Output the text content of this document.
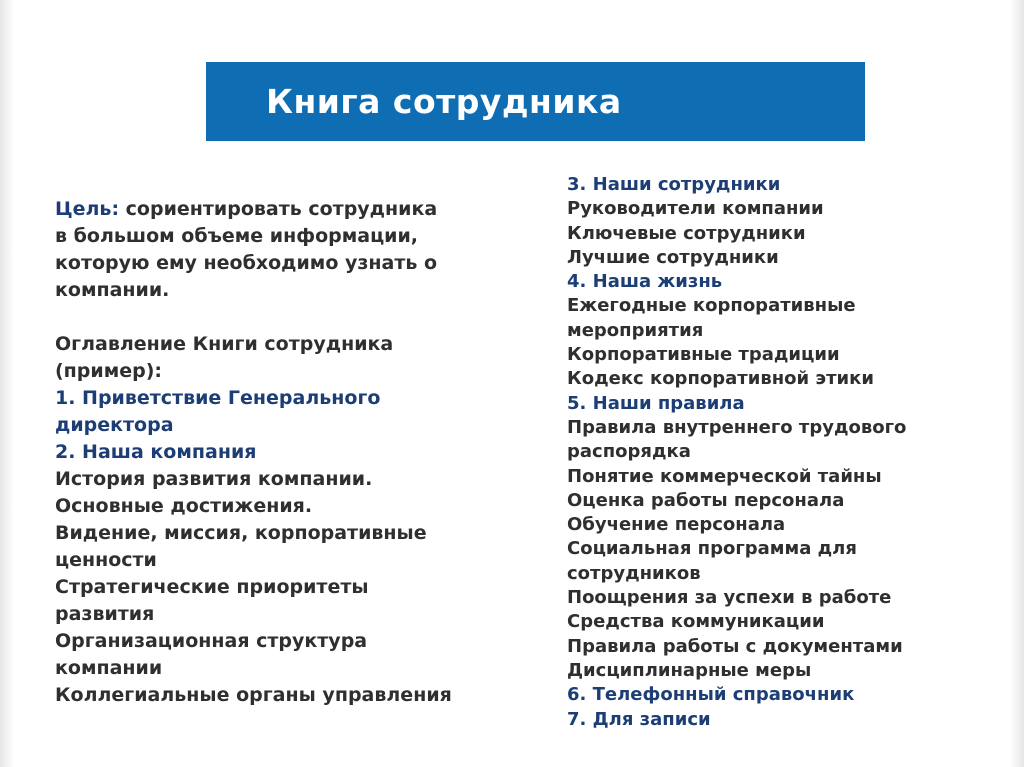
Книга сотрудника
Цель: сориентировать сотрудника
в большом объеме информации,
которую ему необходимо узнать о
компании.
Оглавление Книги сотрудника
(пример):
1. Приветствие Генерального
директора
2. Наша компания
История развития компании.
Основные достижения.
Видение, миссия, корпоративные
ценности
Стратегические приоритеты
развития
Организационная структура
компании
Коллегиальные органы управления
3. Наши сотрудники
Руководители компании
Ключевые сотрудники
Лучшие сотрудники
4. Наша жизнь
Ежегодные корпоративные
мероприятия
Корпоративные традиции
Кодекс корпоративной этики
5. Наши правила
Правила внутреннего трудового
распорядка
Понятие коммерческой тайны
Оценка работы персонала
Обучение персонала
Социальная программа для
сотрудников
Поощрения за успехи в работе
Средства коммуникации
Правила работы с документами
Дисциплинарные меры
6. Телефонный справочник
7. Для записи
